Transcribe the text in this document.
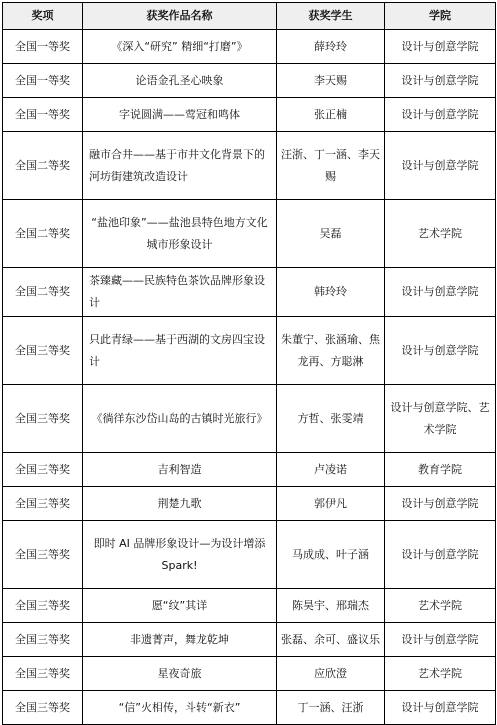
奖项	获奖作品名称	获奖学生	学院
全国一等奖	《深入“研究” 精细“打磨”》	薛玲玲	设计与创意学院
全国一等奖	论语金孔圣心映象	李天赐	设计与创意学院
全国一等奖	字说圆满——莺冠和鸣体	张正楠	设计与创意学院
全国二等奖	融市合井——基于市井文化背景下的河坊街建筑改造设计	汪浙、丁一涵、李天赐	设计与创意学院
全国二等奖	“盐池印象”——盐池县特色地方文化城市形象设计	吴磊	艺术学院
全国二等奖	茶臻藏——民族特色茶饮品牌形象设计	韩玲玲	设计与创意学院
全国三等奖	只此青绿——基于西湖的文房四宝设计	朱董宁、张涵瑜、焦龙再、方聪淋	设计与创意学院
全国三等奖	《徜徉东沙岱山岛的古镇时光旅行》	方哲、张雯靖	设计与创意学院、艺术学院
全国三等奖	吉利智造	卢凌诺	教育学院
全国三等奖	荆楚九歌	郭伊凡	设计与创意学院
全国三等奖	即时 AI 品牌形象设计—为设计增添 Spark!	马成成、叶子涵	设计与创意学院
全国三等奖	愿“纹”其详	陈昊宇、邢瑞杰	艺术学院
全国三等奖	非遗菁声，舞龙乾坤	张磊、余可、盛议乐	设计与创意学院
全国三等奖	星夜奇旅	应欣澄	艺术学院
全国三等奖	“信”火相传，斗转“新衣”	丁一涵、汪浙	设计与创意学院
